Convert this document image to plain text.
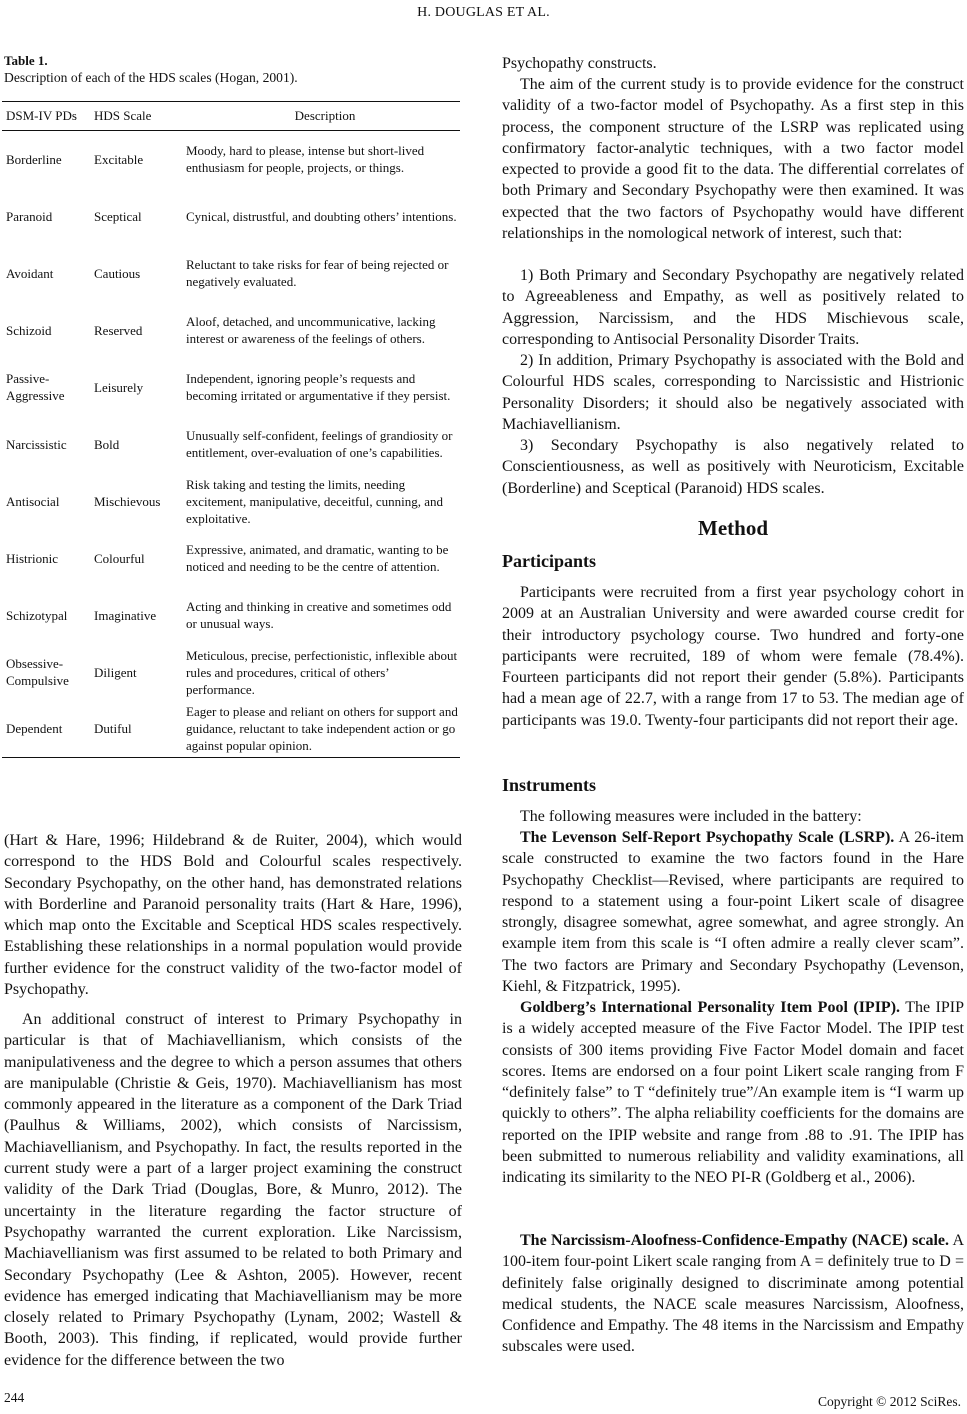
H. DOUGLAS ET AL.
Table 1.
Description of each of the HDS scales (Hogan, 2001).
DSM-IV PDs	HDS Scale	Description
Borderline	Excitable	Moody, hard to please, intense but short-lived enthusiasm for people, projects, or things.
Paranoid	Sceptical	Cynical, distrustful, and doubting others’ intentions.
Avoidant	Cautious	Reluctant to take risks for fear of being rejected or negatively evaluated.
Schizoid	Reserved	Aloof, detached, and uncommunicative, lacking interest or awareness of the feelings of others.
Passive-Aggressive	Leisurely	Independent, ignoring people’s requests and becoming irritated or argumentative if they persist.
Narcissistic	Bold	Unusually self-confident, feelings of grandiosity or entitlement, over-evaluation of one’s capabilities.
Antisocial	Mischievous	Risk taking and testing the limits, needing excitement, manipulative, deceitful, cunning, and exploitative.
Histrionic	Colourful	Expressive, animated, and dramatic, wanting to be noticed and needing to be the centre of attention.
Schizotypal	Imaginative	Acting and thinking in creative and sometimes odd or unusual ways.
Obsessive-Compulsive	Diligent	Meticulous, precise, perfectionistic, inflexible about rules and procedures, critical of others’ performance.
Dependent	Dutiful	Eager to please and reliant on others for support and guidance, reluctant to take independent action or go against popular opinion.

(Hart & Hare, 1996; Hildebrand & de Ruiter, 2004), which would correspond to the HDS Bold and Colourful scales respectively. Secondary Psychopathy, on the other hand, has demonstrated relations with Borderline and Paranoid personality traits (Hart & Hare, 1996), which map onto the Excitable and Sceptical HDS scales respectively. Establishing these relationships in a normal population would provide further evidence for the construct validity of the two-factor model of Psychopathy.

An additional construct of interest to Primary Psychopathy in particular is that of Machiavellianism, which consists of the manipulativeness and the degree to which a person assumes that others are manipulable (Christie & Geis, 1970). Machiavellianism has most commonly appeared in the literature as a component of the Dark Triad (Paulhus & Williams, 2002), which consists of Narcissism, Machiavellianism, and Psychopathy. In fact, the results reported in the current study were a part of a larger project examining the construct validity of the Dark Triad (Douglas, Bore, & Munro, 2012). The uncertainty in the literature regarding the factor structure of Psychopathy warranted the current exploration. Like Narcissism, Machiavellianism was first assumed to be related to both Primary and Secondary Psychopathy (Lee & Ashton, 2005). However, recent evidence has emerged indicating that Machiavellianism may be more closely related to Primary Psychopathy (Lynam, 2002; Wastell & Booth, 2003). This finding, if replicated, would provide further evidence for the difference between the two

Psychopathy constructs.

The aim of the current study is to provide evidence for the construct validity of a two-factor model of Psychopathy. As a first step in this process, the component structure of the LSRP was replicated using confirmatory factor-analytic techniques, with a two factor model expected to provide a good fit to the data. The differential correlates of both Primary and Secondary Psychopathy were then examined. It was expected that the two factors of Psychopathy would have different relationships in the nomological network of interest, such that:

1) Both Primary and Secondary Psychopathy are negatively related to Agreeableness and Empathy, as well as positively related to Aggression, Narcissism, and the HDS Mischievous scale, corresponding to Antisocial Personality Disorder Traits.

2) In addition, Primary Psychopathy is associated with the Bold and Colourful HDS scales, corresponding to Narcissistic and Histrionic Personality Disorders; it should also be negatively associated with Machiavellianism.

3) Secondary Psychopathy is also negatively related to Conscientiousness, as well as positively with Neuroticism, Excitable (Borderline) and Sceptical (Paranoid) HDS scales.

Method
Participants

Participants were recruited from a first year psychology cohort in 2009 at an Australian University and were awarded course credit for their introductory psychology course. Two hundred and forty-one participants were recruited, 189 of whom were female (78.4%). Fourteen participants did not report their gender (5.8%). Participants had a mean age of 22.7, with a range from 17 to 53. The median age of participants was 19.0. Twenty-four participants did not report their age.

Instruments

The following measures were included in the battery:

The Levenson Self-Report Psychopathy Scale (LSRP). A 26-item scale constructed to examine the two factors found in the Hare Psychopathy Checklist—Revised, where participants are required to respond to a statement using a four-point Likert scale of disagree strongly, disagree somewhat, agree somewhat, and agree strongly. An example item from this scale is “I often admire a really clever scam”. The two factors are Primary and Secondary Psychopathy (Levenson, Kiehl, & Fitzpatrick, 1995).

Goldberg’s International Personality Item Pool (IPIP). The IPIP is a widely accepted measure of the Five Factor Model. The IPIP test consists of 300 items providing Five Factor Model domain and facet scores. Items are endorsed on a four point Likert scale ranging from F “definitely false” to T “definitely true”/An example item is “I warm up quickly to others”. The alpha reliability coefficients for the domains are reported on the IPIP website and range from .88 to .91. The IPIP has been submitted to numerous reliability and validity examinations, all indicating its similarity to the NEO PI-R (Goldberg et al., 2006).

The Narcissism-Aloofness-Confidence-Empathy (NACE) scale. A 100-item four-point Likert scale ranging from A = definitely true to D = definitely false originally designed to discriminate among potential medical students, the NACE scale measures Narcissism, Aloofness, Confidence and Empathy. The 48 items in the Narcissism and Empathy subscales were used.

244	Copyright © 2012 SciRes.
